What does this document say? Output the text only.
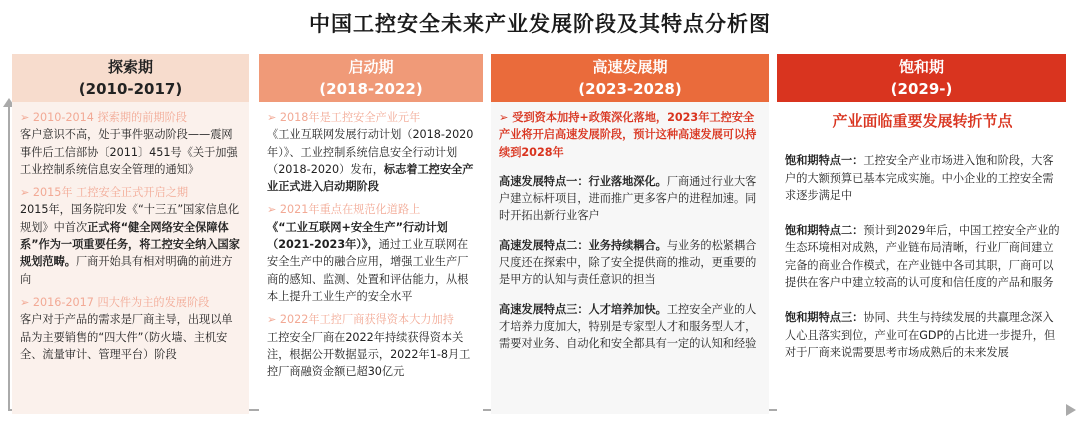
中国工控安全未来产业发展阶段及其特点分析图
探索期
(2010-2017)
➢ 2010-2014 探索期的前期阶段
客户意识不高，处于事件驱动阶段——震网事件后工信部协〔2011〕451号《关于加强工业控制系统信息安全管理的通知》
➢ 2015年 工控安全正式开启之期
2015年，国务院印发《“十三五”国家信息化规划》中首次正式将“健全网络安全保障体系”作为一项重要任务，将工控安全纳入国家规划范畴。厂商开始具有相对明确的前进方向
➢ 2016-2017 四大件为主的发展阶段
客户对于产品的需求是厂商主导，出现以单品为主要销售的“四大件”（防火墙、主机安全、流量审计、管理平台）阶段
启动期
(2018-2022)
➢ 2018年是工控安全产业元年
《工业互联网发展行动计划（2018-2020年）》、工业控制系统信息安全行动计划（2018-2020）发布，标志着工控安全产业正式进入启动期阶段
➢ 2021年重点在规范化道路上
《“工业互联网+安全生产”行动计划（2021-2023年）》，通过工业互联网在安全生产中的融合应用，增强工业生产厂商的感知、监测、处置和评估能力，从根本上提升工业生产的安全水平
➢ 2022年工控厂商获得资本大力加持
工控安全厂商在2022年持续获得资本关注，根据公开数据显示，2022年1-8月工控厂商融资金额已超30亿元
高速发展期
(2023-2028)
➢ 受到资本加持+政策深化落地，2023年工控安全产业将开启高速发展阶段，预计这种高速发展可以持续到2028年
高速发展特点一：行业落地深化。厂商通过行业大客户建立标杆项目，进而推广更多客户的进程加速。同时开拓出新行业客户
高速发展特点二：业务持续耦合。与业务的松紧耦合尺度还在探索中，除了安全提供商的推动，更重要的是甲方的认知与责任意识的担当
高速发展特点三：人才培养加快。工控安全产业的人才培养力度加大，特别是专家型人才和服务型人才，需要对业务、自动化和安全都具有一定的认知和经验
饱和期
(2029-)
产业面临重要发展转折节点
饱和期特点一：工控安全产业市场进入饱和阶段，大客户的大额预算已基本完成实施。中小企业的工控安全需求逐步满足中
饱和期特点二：预计到2029年后，中国工控安全产业的生态环境相对成熟，产业链布局清晰，行业厂商间建立完备的商业合作模式，在产业链中各司其职，厂商可以提供在客户中建立较高的认可度和信任度的产品和服务
饱和期特点三：协同、共生与持续发展的共赢理念深入人心且落实到位，产业可在GDP的占比进一步提升，但对于厂商来说需要思考市场成熟后的未来发展
